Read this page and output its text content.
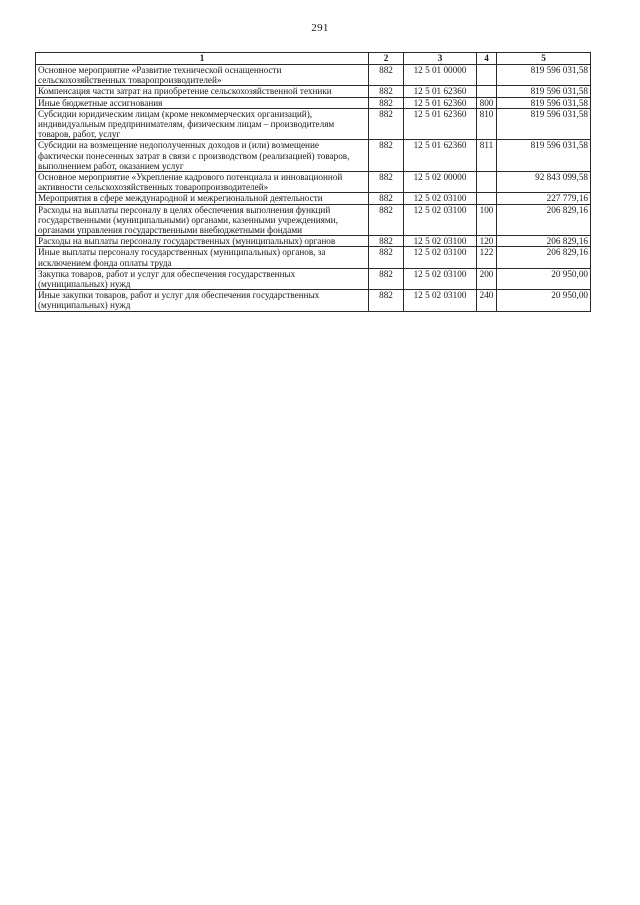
291
1	2	3	4	5
Основное мероприятие «Развитие технической оснащенности сельскохозяйственных товаропроизводителей»	882	12 5 01 00000		819 596 031,58
Компенсация части затрат на приобретение сельскохозяйственной техники	882	12 5 01 62360		819 596 031,58
Иные бюджетные ассигнования	882	12 5 01 62360	800	819 596 031,58
Субсидии юридическим лицам (кроме некоммерческих организаций), индивидуальным предпринимателям, физическим лицам – производителям товаров, работ, услуг	882	12 5 01 62360	810	819 596 031,58
Субсидии на возмещение недополученных доходов и (или) возмещение фактически понесенных затрат в связи с производством (реализацией) товаров, выполнением работ, оказанием услуг	882	12 5 01 62360	811	819 596 031,58
Основное мероприятие «Укрепление кадрового потенциала и инновационной активности сельскохозяйственных товаропроизводителей»	882	12 5 02 00000		92 843 099,58
Мероприятия в сфере международной и межрегиональной деятельности	882	12 5 02 03100		227 779,16
Расходы на выплаты персоналу в целях обеспечения выполнения функций государственными (муниципальными) органами, казенными учреждениями, органами управления государственными внебюджетными фондами	882	12 5 02 03100	100	206 829,16
Расходы на выплаты персоналу государственных (муниципальных) органов	882	12 5 02 03100	120	206 829,16
Иные выплаты персоналу государственных (муниципальных) органов, за исключением фонда оплаты труда	882	12 5 02 03100	122	206 829,16
Закупка товаров, работ и услуг для обеспечения государственных (муниципальных) нужд	882	12 5 02 03100	200	20 950,00
Иные закупки товаров, работ и услуг для обеспечения государственных (муниципальных) нужд	882	12 5 02 03100	240	20 950,00
